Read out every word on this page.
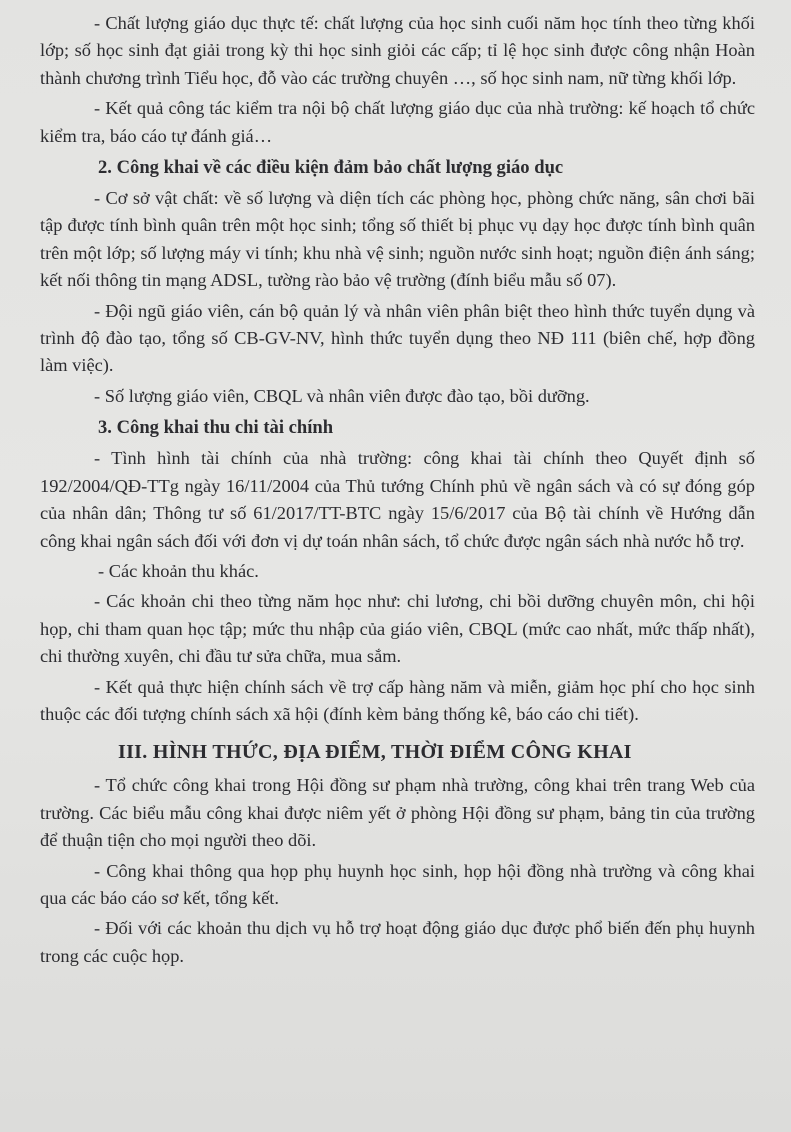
- Chất lượng giáo dục thực tế: chất lượng của học sinh cuối năm học tính theo từng khối lớp; số học sinh đạt giải trong kỳ thi học sinh giỏi các cấp; tỉ lệ học sinh được công nhận Hoàn thành chương trình Tiểu học, đỗ vào các trường chuyên …, số học sinh nam, nữ từng khối lớp.

- Kết quả công tác kiểm tra nội bộ chất lượng giáo dục của nhà trường: kế hoạch tổ chức kiểm tra, báo cáo tự đánh giá…

2. Công khai về các điều kiện đảm bảo chất lượng giáo dục

- Cơ sở vật chất: về số lượng và diện tích các phòng học, phòng chức năng, sân chơi bãi tập được tính bình quân trên một học sinh; tổng số thiết bị phục vụ dạy học được tính bình quân trên một lớp; số lượng máy vi tính; khu nhà vệ sinh; nguồn nước sinh hoạt; nguồn điện ánh sáng; kết nối thông tin mạng ADSL, tường rào bảo vệ trường (đính biểu mẫu số 07).

- Đội ngũ giáo viên, cán bộ quản lý và nhân viên phân biệt theo hình thức tuyển dụng và trình độ đào tạo, tổng số CB-GV-NV, hình thức tuyển dụng theo NĐ 111 (biên chế, hợp đồng làm việc).

- Số lượng giáo viên, CBQL và nhân viên được đào tạo, bồi dưỡng.

3. Công khai thu chi tài chính

- Tình hình tài chính của nhà trường: công khai tài chính theo Quyết định số 192/2004/QĐ-TTg ngày 16/11/2004 của Thủ tướng Chính phủ về ngân sách và có sự đóng góp của nhân dân; Thông tư số 61/2017/TT-BTC ngày 15/6/2017 của Bộ tài chính về Hướng dẫn công khai ngân sách đối với đơn vị dự toán nhân sách, tổ chức được ngân sách nhà nước hỗ trợ.

- Các khoản thu khác.

- Các khoản chi theo từng năm học như: chi lương, chi bồi dưỡng chuyên môn, chi hội họp, chi tham quan học tập; mức thu nhập của giáo viên, CBQL (mức cao nhất, mức thấp nhất), chi thường xuyên, chi đầu tư sửa chữa, mua sắm.

- Kết quả thực hiện chính sách về trợ cấp hàng năm và miễn, giảm học phí cho học sinh thuộc các đối tượng chính sách xã hội (đính kèm bảng thống kê, báo cáo chi tiết).

III. HÌNH THỨC, ĐỊA ĐIỂM, THỜI ĐIỂM CÔNG KHAI

- Tổ chức công khai trong Hội đồng sư phạm nhà trường, công khai trên trang Web của trường. Các biểu mẫu công khai được niêm yết ở phòng Hội đồng sư phạm, bảng tin của trường để thuận tiện cho mọi người theo dõi.

- Công khai thông qua họp phụ huynh học sinh, họp hội đồng nhà trường và công khai qua các báo cáo sơ kết, tổng kết.

- Đối với các khoản thu dịch vụ hỗ trợ hoạt động giáo dục được phổ biến đến phụ huynh trong các cuộc họp.
